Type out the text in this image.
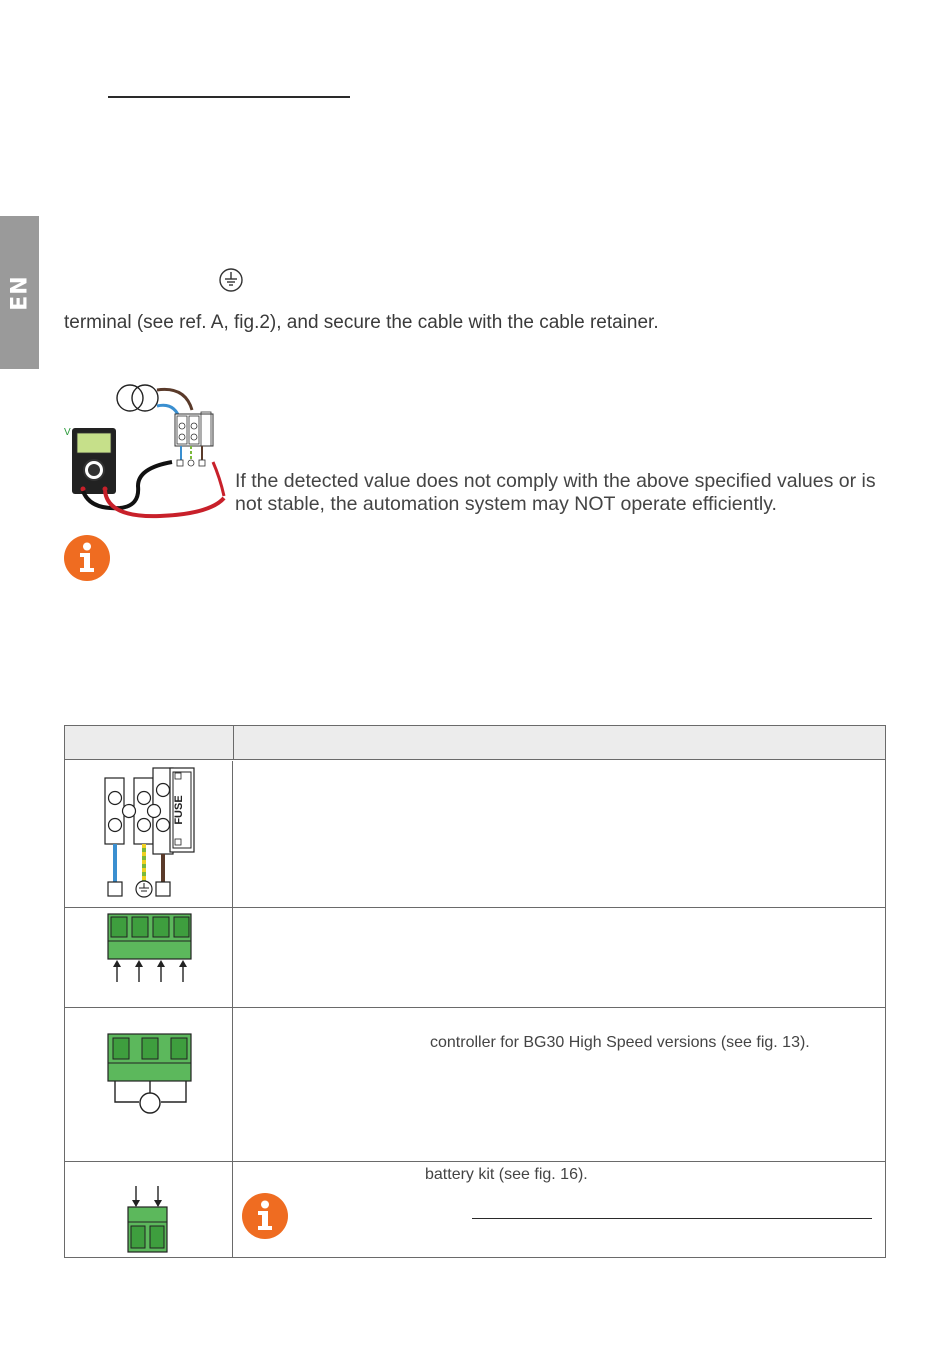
EN
terminal (see ref. A, fig.2), and secure the cable with the cable retainer.
V
If the detected value does not comply with the above specified values or is not stable, the automation system may NOT operate efficiently.
FUSE
controller for BG30 High Speed versions (see fig. 13).
battery kit (see fig. 16).
